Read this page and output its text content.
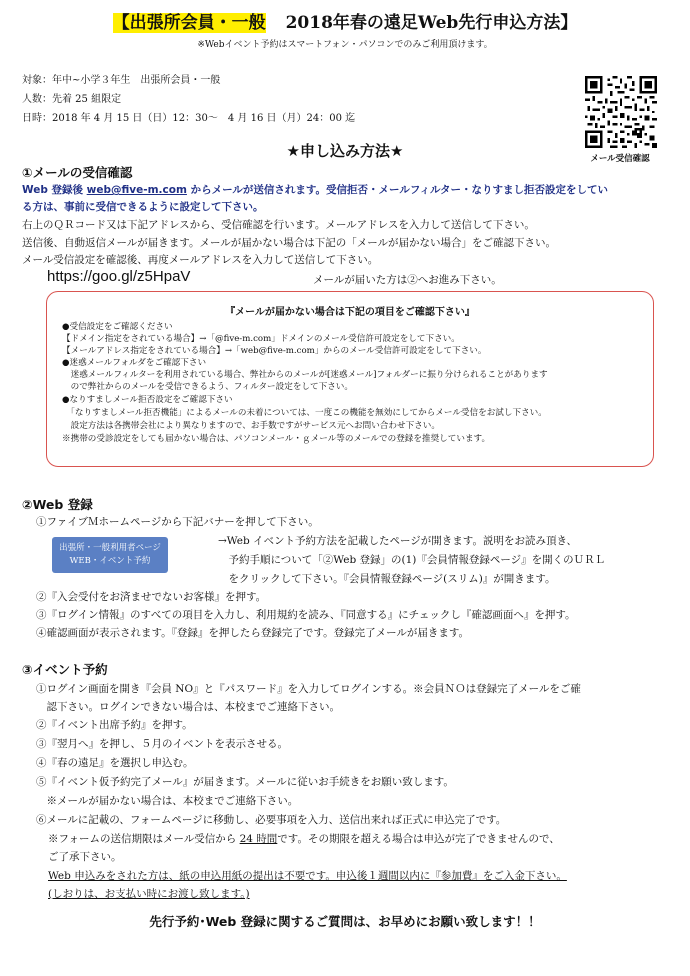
【出張所会員・一般 2018年春の遠足Web先行申込方法】
※Webイベント予約はスマートフォン・パソコンでのみご利用頂けます。
対象：年中~小学３年生　出張所会員・一般
人数：先着 25 組限定
日時：2018 年 4 月 15 日（日）12：30～　4 月 16 日（月）24：00 迄
メール受信確認
★申し込み方法★
①メールの受信確認
Web 登録後 web@five-m.com からメールが送信されます。受信拒否・メールフィルター・なりすまし拒否設定をしてい
る方は、事前に受信できるように設定して下さい。
右上のＱＲコード又は下記アドレスから、受信確認を行います。メールアドレスを入力して送信して下さい。
送信後、自動返信メールが届きます。メールが届かない場合は下記の「メールが届かない場合」をご確認下さい。
メール受信設定を確認後、再度メールアドレスを入力して送信して下さい。
https://goo.gl/z5HpaV	メールが届いた方は②へお進み下さい。
『メールが届かない場合は下記の項目をご確認下さい』
●受信設定をご確認ください
【ドメイン指定をされている場合】→「@five-m.com」ドメインのメール受信許可設定をして下さい。
【メールアドレス指定をされている場合】→「web@five-m.com」からのメール受信許可設定をして下さい。
●迷惑メールフォルダをご確認下さい
　迷惑メールフィルターを利用されている場合、弊社からのメールが[迷惑メール]フォルダーに振り分けられることがあります
　ので弊社からのメールを受信できるよう、フィルター設定をして下さい。
●なりすましメール拒否設定をご確認下さい
　「なりすましメール拒否機能」によるメールの未着については、一度この機能を無効にしてからメール受信をお試し下さい。
　設定方法は各携帯会社により異なりますので、お手数ですがサービス元へお問い合わせ下さい。
※携帯の受診設定をしても届かない場合は、パソコンメール・ｇメール等のメールでの登録を推奨しています。
②Web 登録
①ファイブＭホームページから下記バナーを押して下さい。
出張所・一般利用者ページ
WEB・イベント予約
→Web イベント予約方法を記載したページが開きます。説明をお読み頂き、
　予約手順について「②Web 登録」の(1)『会員情報登録ページ』を開くのＵＲＬ
　をクリックして下さい。『会員情報登録ページ(スリム)』が開きます。
②『入会受付をお済ませでないお客様』を押す。
③『ログイン情報』のすべての項目を入力し、利用規約を読み、『同意する』にチェックし『確認画面へ』を押す。
④確認画面が表示されます。『登録』を押したら登録完了です。登録完了メールが届きます。
③イベント予約
①ログイン画面を開き『会員 NO』と『パスワード』を入力してログインする。※会員ＮＯは登録完了メールをご確
　認下さい。ログインできない場合は、本校までご連絡下さい。
②『イベント出席予約』を押す。
③『翌月へ』を押し、５月のイベントを表示させる。
④『春の遠足』を選択し申込む。
⑤『イベント仮予約完了メール』が届きます。メールに従いお手続きをお願い致します。
　※メールが届かない場合は、本校までご連絡下さい。
⑥メールに記載の、フォームページに移動し、必要事項を入力、送信出来れば正式に申込完了です。
※フォームの送信期限はメール受信から 24 時間です。その期限を超える場合は申込が完了できませんので、
ご了承下さい。
Web 申込みをされた方は、紙の申込用紙の提出は不要です。申込後１週間以内に『参加費』をご入金下さい。
(しおりは、お支払い時にお渡し致します。)
先行予約･Web 登録に関するご質問は、お早めにお願い致します！！
